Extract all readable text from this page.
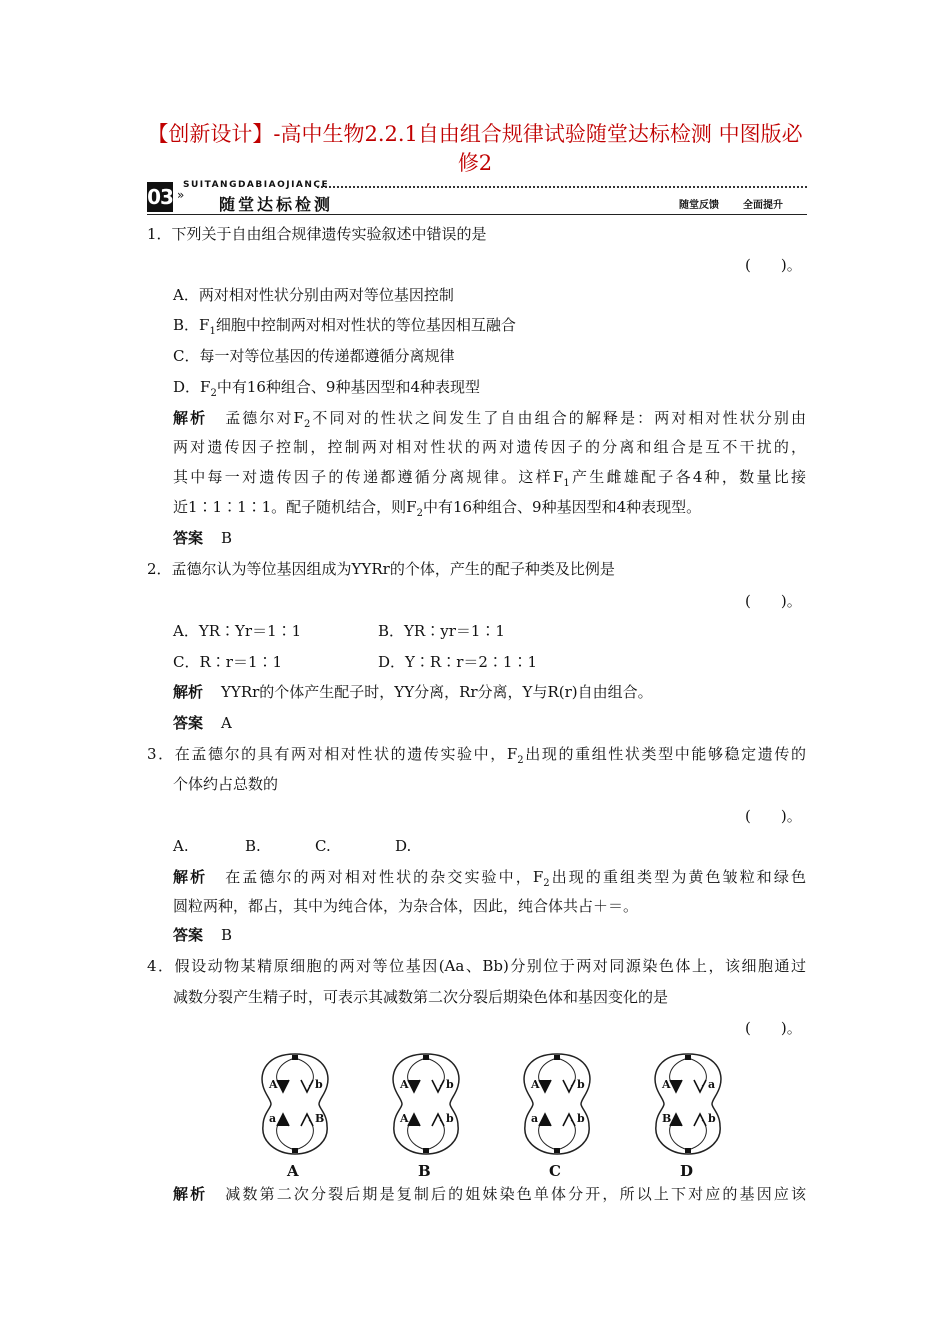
【创新设计】-高中生物2.2.1自由组合规律试验随堂达标检测 中图版必修2
03 »
SUITANGDABIAOJIANCE
随堂达标检测	随堂反馈 全面提升
1．下列关于自由组合规律遗传实验叙述中错误的是
(　　)。
A．两对相对性状分别由两对等位基因控制
B．$F_1$细胞中控制两对相对性状的等位基因相互融合
C．每一对等位基因的传递都遵循分离规律
D．$F_2$中有16种组合、9种基因型和4种表现型
解析 孟德尔对$F_2$不同对的性状之间发生了自由组合的解释是：两对相对性状分别由
两对遗传因子控制，控制两对相对性状的两对遗传因子的分离和组合是互不干扰的，
其中每一对遗传因子的传递都遵循分离规律。这样$F_1$产生雌雄配子各4种，数量比接
近1∶1∶1∶1。配子随机结合，则$F_2$中有16种组合、9种基因型和4种表现型。
答案 B
2．孟德尔认为等位基因组成为YYRr的个体，产生的配子种类及比例是
(　　)。
A．YR∶Yr＝1∶1	B．YR∶yr＝1∶1
C．R∶r＝1∶1	D．Y∶R∶r＝2∶1∶1
解析 YYRr的个体产生配子时，YY分离，Rr分离，Y与R(r)自由组合。
答案 A
3．在孟德尔的具有两对相对性状的遗传实验中，$F_2$出现的重组性状类型中能够稳定遗传的
个体约占总数的
(　　)。
A.	B.	C.	D.
解析 在孟德尔的两对相对性状的杂交实验中，$F_2$出现的重组类型为黄色皱粒和绿色
圆粒两种，都占，其中为纯合体，为杂合体，因此，纯合体共占＋＝。
答案 B
4．假设动物某精原细胞的两对等位基因(Aa、Bb)分别位于两对同源染色体上，该细胞通过
减数分裂产生精子时，可表示其减数第二次分裂后期染色体和基因变化的是
(　　)。
A	b
a	B
A	b
A	b
A	b
a	b
A	a
B	b
A	B	C	D
解析 减数第二次分裂后期是复制后的姐妹染色单体分开，所以上下对应的基因应该
